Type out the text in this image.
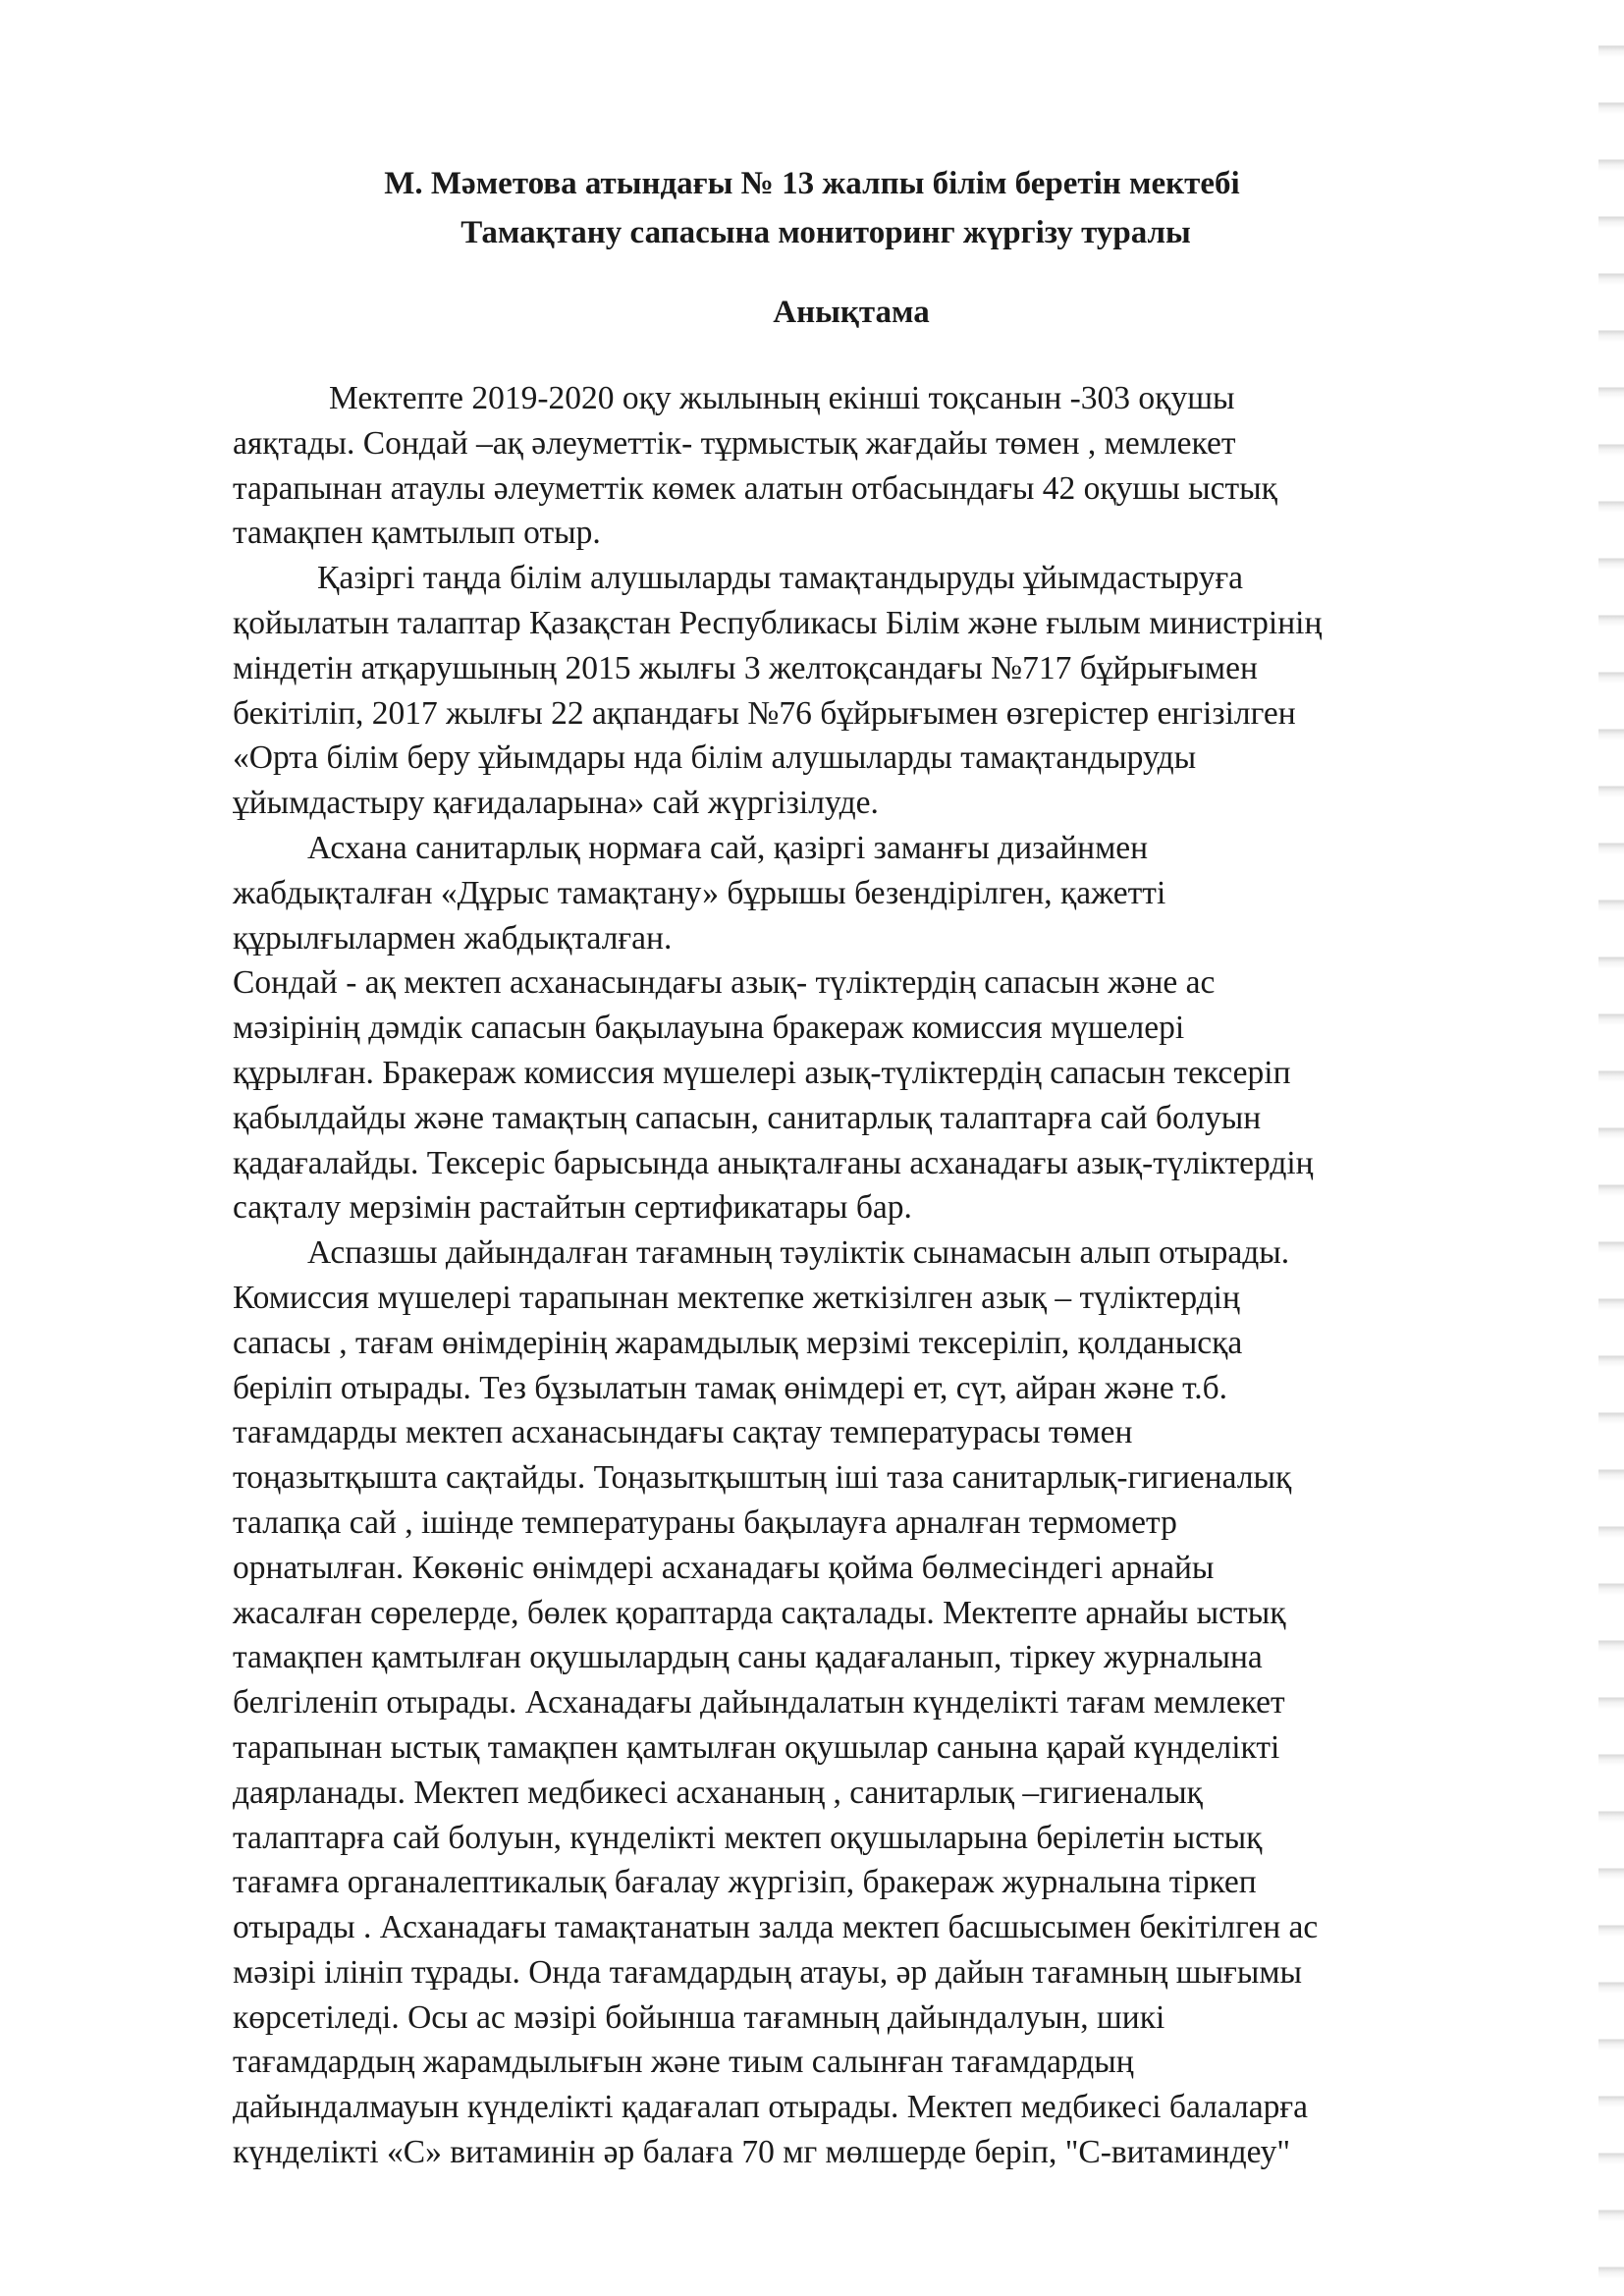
М. Мәметова атындағы № 13 жалпы білім беретін мектебі
Тамақтану сапасына мониторинг жүргізу туралы
Анықтама
Мектепте 2019-2020 оқу жылының екінші тоқсанын -303 оқушы
аяқтады. Сондай –ақ әлеуметтік- тұрмыстық жағдайы төмен , мемлекет
тарапынан атаулы әлеуметтік көмек алатын отбасындағы 42 оқушы ыстық
тамақпен қамтылып отыр.
Қазіргі таңда білім алушыларды тамақтандыруды ұйымдастыруға
қойылатын талаптар Қазақстан Республикасы Білім және ғылым министрінің
міндетін атқарушының 2015 жылғы 3 желтоқсандағы №717 бұйрығымен
бекітіліп, 2017 жылғы 22 ақпандағы №76 бұйрығымен өзгерістер енгізілген
«Орта білім беру ұйымдары нда білім алушыларды тамақтандыруды
ұйымдастыру қағидаларына» сай жүргізілуде.
Асхана санитарлық нормаға сай, қазіргі заманғы дизайнмен
жабдықталған «Дұрыс тамақтану» бұрышы безендірілген, қажетті
құрылғылармен жабдықталған.
Сондай - ақ мектеп асханасындағы азық- түліктердің сапасын және ас
мәзірінің дәмдік сапасын бақылауына бракераж комиссия мүшелері
құрылған. Бракераж комиссия мүшелері азық-түліктердің сапасын тексеріп
қабылдайды және тамақтың сапасын, санитарлық талаптарға сай болуын
қадағалайды. Тексеріс барысында анықталғаны асханадағы азық-түліктердің
сақталу мерзімін растайтын сертификатары бар.
Аспазшы дайындалған тағамның тәуліктік сынамасын алып отырады.
Комиссия мүшелері тарапынан мектепке жеткізілген азық – түліктердің
сапасы , тағам өнімдерінің жарамдылық мерзімі тексеріліп, қолданысқа
беріліп отырады. Тез бұзылатын тамақ өнімдері ет, сүт, айран және т.б.
тағамдарды мектеп асханасындағы сақтау температурасы төмен
тоңазытқышта сақтайды. Тоңазытқыштың іші таза санитарлық-гигиеналық
талапқа сай , ішінде температураны бақылауға арналған термометр
орнатылған. Көкөніс өнімдері асханадағы қойма бөлмесіндегі арнайы
жасалған сөрелерде, бөлек қораптарда сақталады. Мектепте арнайы ыстық
тамақпен қамтылған оқушылардың саны қадағаланып, тіркеу журналына
белгіленіп отырады. Асханадағы дайындалатын күнделікті тағам мемлекет
тарапынан ыстық тамақпен қамтылған оқушылар санына қарай күнделікті
даярланады. Мектеп медбикесі асхананың , санитарлық –гигиеналық
талаптарға сай болуын, күнделікті мектеп оқушыларына берілетін ыстық
тағамға органалептикалық бағалау жүргізіп, бракераж журналына тіркеп
отырады . Асханадағы тамақтанатын залда мектеп басшысымен бекітілген ас
мәзірі ілініп тұрады. Онда тағамдардың атауы, әр дайын тағамның шығымы
көрсетіледі. Осы ас мәзірі бойынша тағамның дайындалуын, шикі
тағамдардың жарамдылығын және тиым салынған тағамдардың
дайындалмауын күнделікті қадағалап отырады. Мектеп медбикесі балаларға
күнделікті «С» витаминін әр балаға 70 мг мөлшерде беріп, "С-витаминдеу"
